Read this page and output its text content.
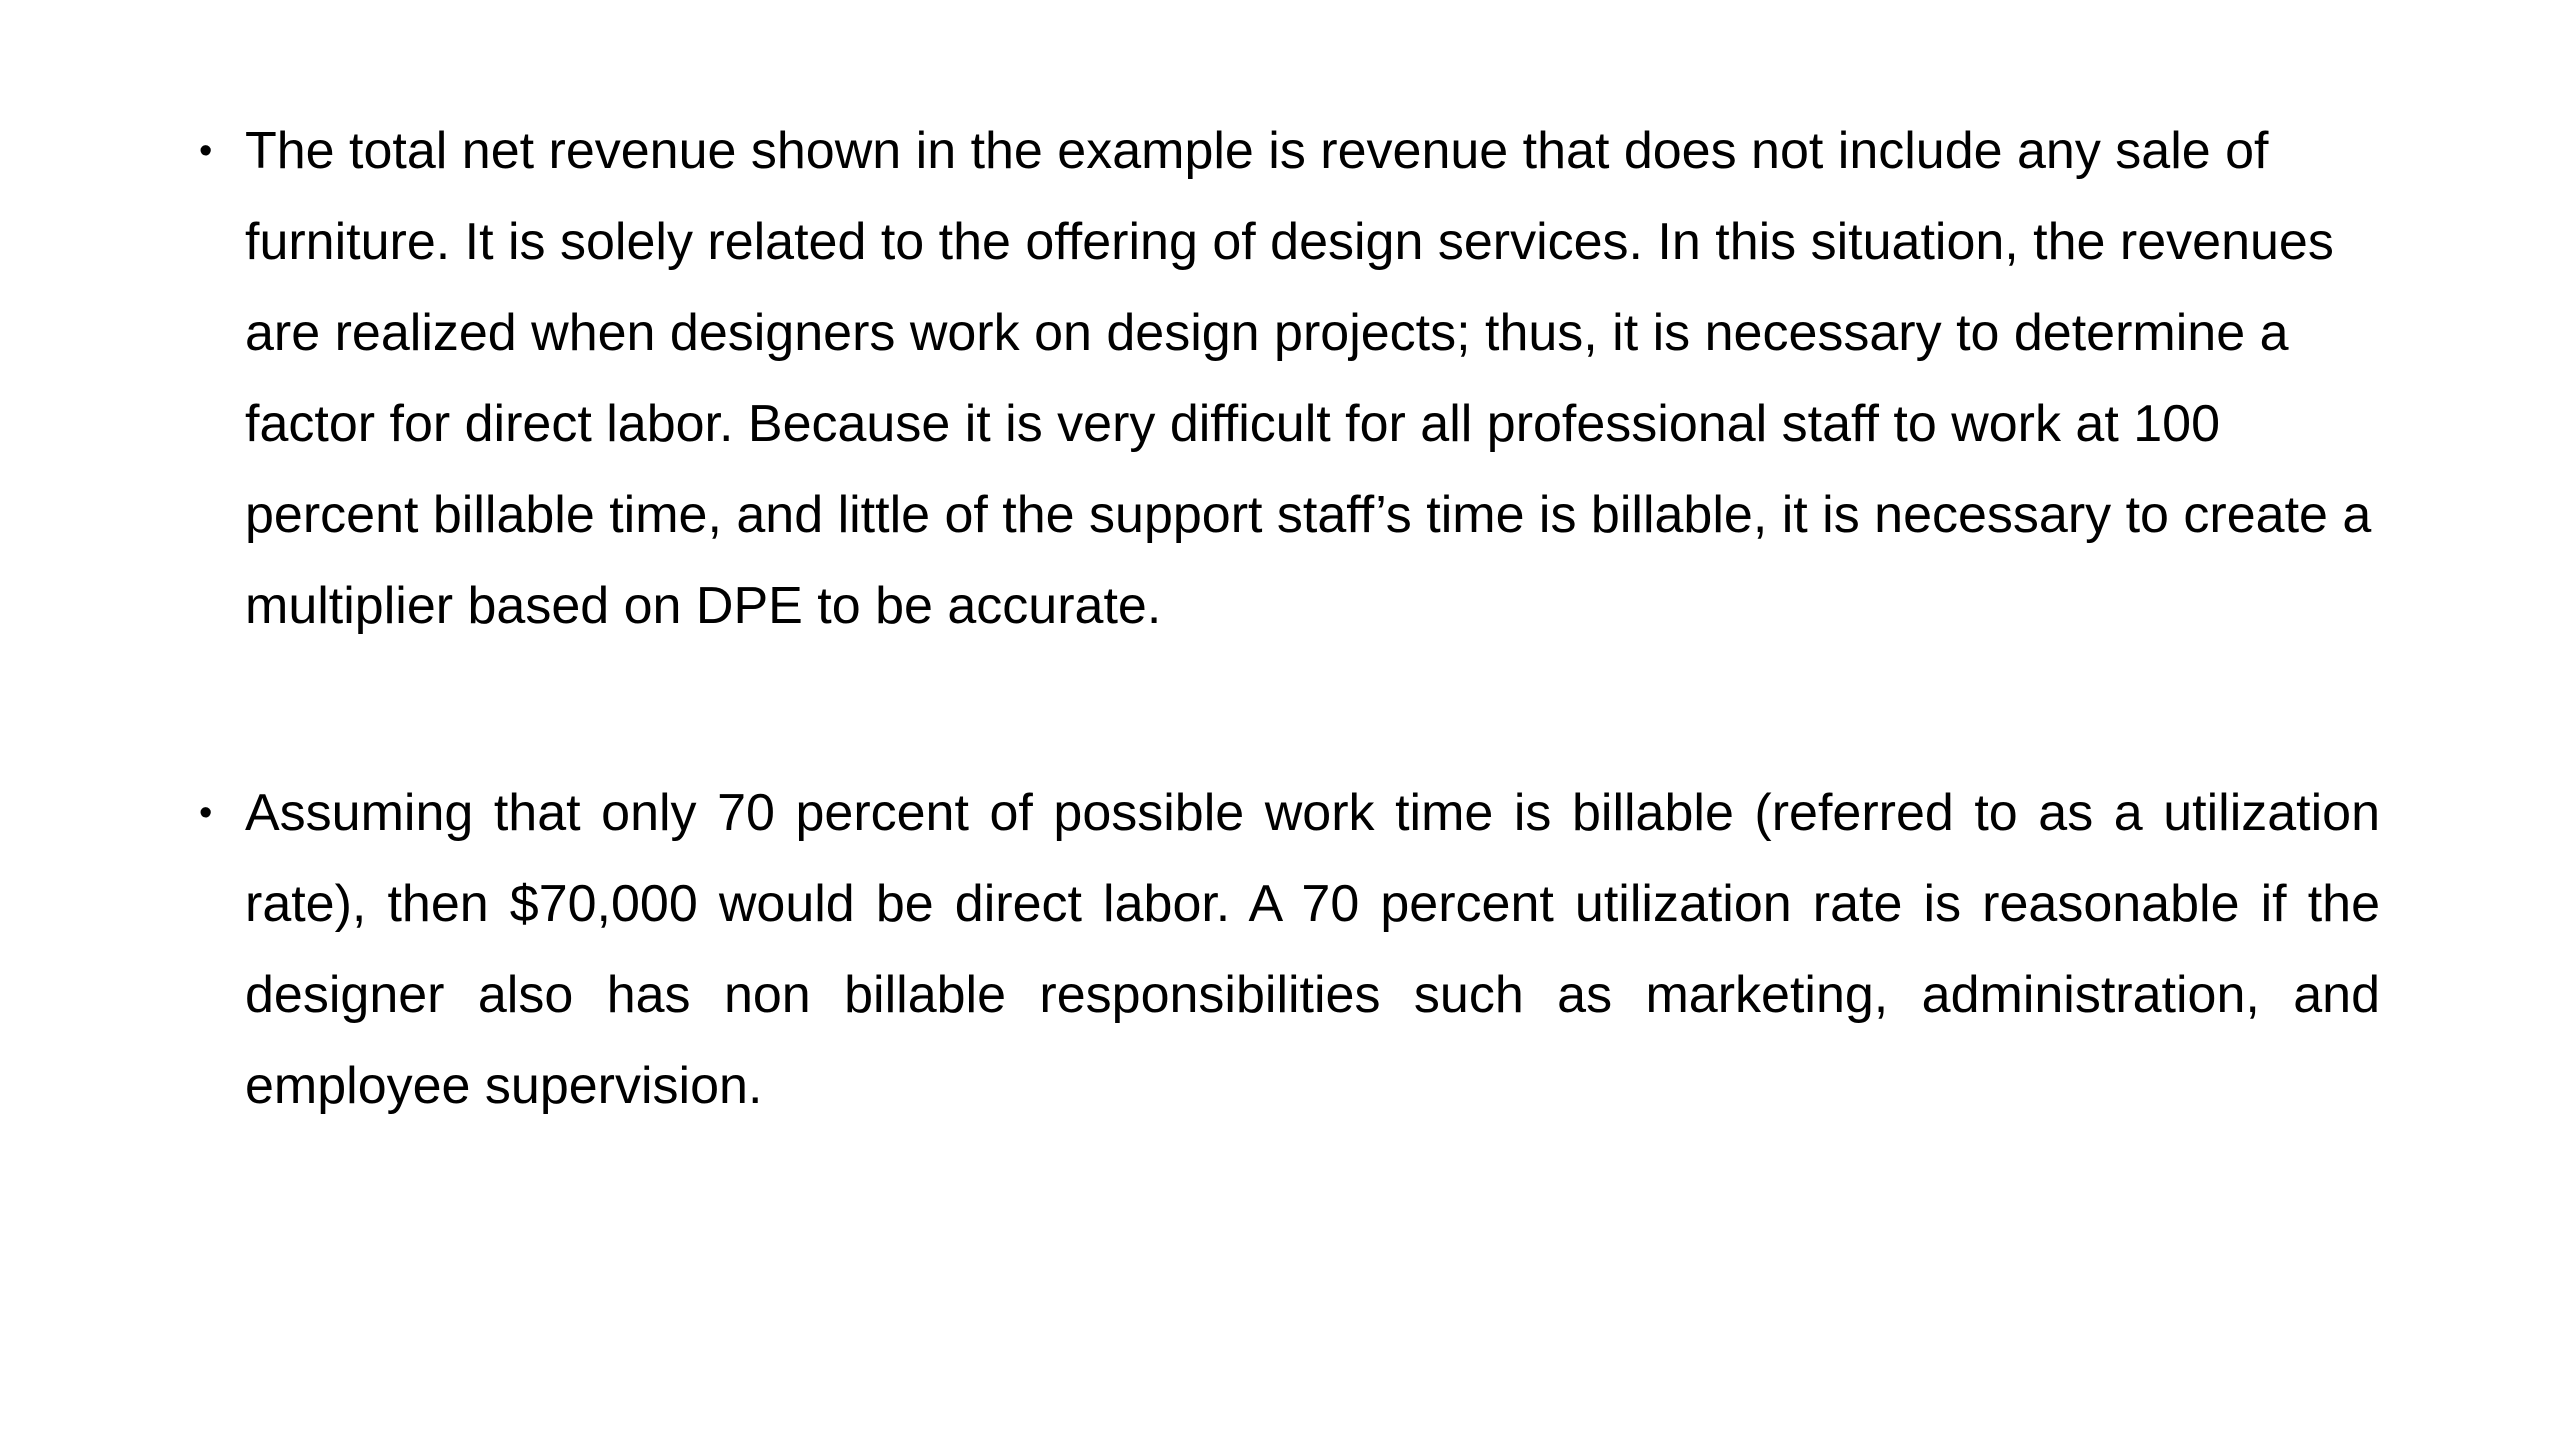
• The total net revenue shown in the example is revenue that does not include any sale of furniture. It is solely related to the offering of design services. In this situation, the revenues are realized when designers work on design projects; thus, it is necessary to determine a factor for direct labor. Because it is very difficult for all professional staff to work at 100 percent billable time, and little of the support staff’s time is billable, it is necessary to create a multiplier based on DPE to be accurate.
• Assuming that only 70 percent of possible work time is billable (referred to as a utilization rate), then $70,000 would be direct labor. A 70 percent utilization rate is reasonable if the designer also has non billable responsibilities such as marketing, administration, and employee supervision.
